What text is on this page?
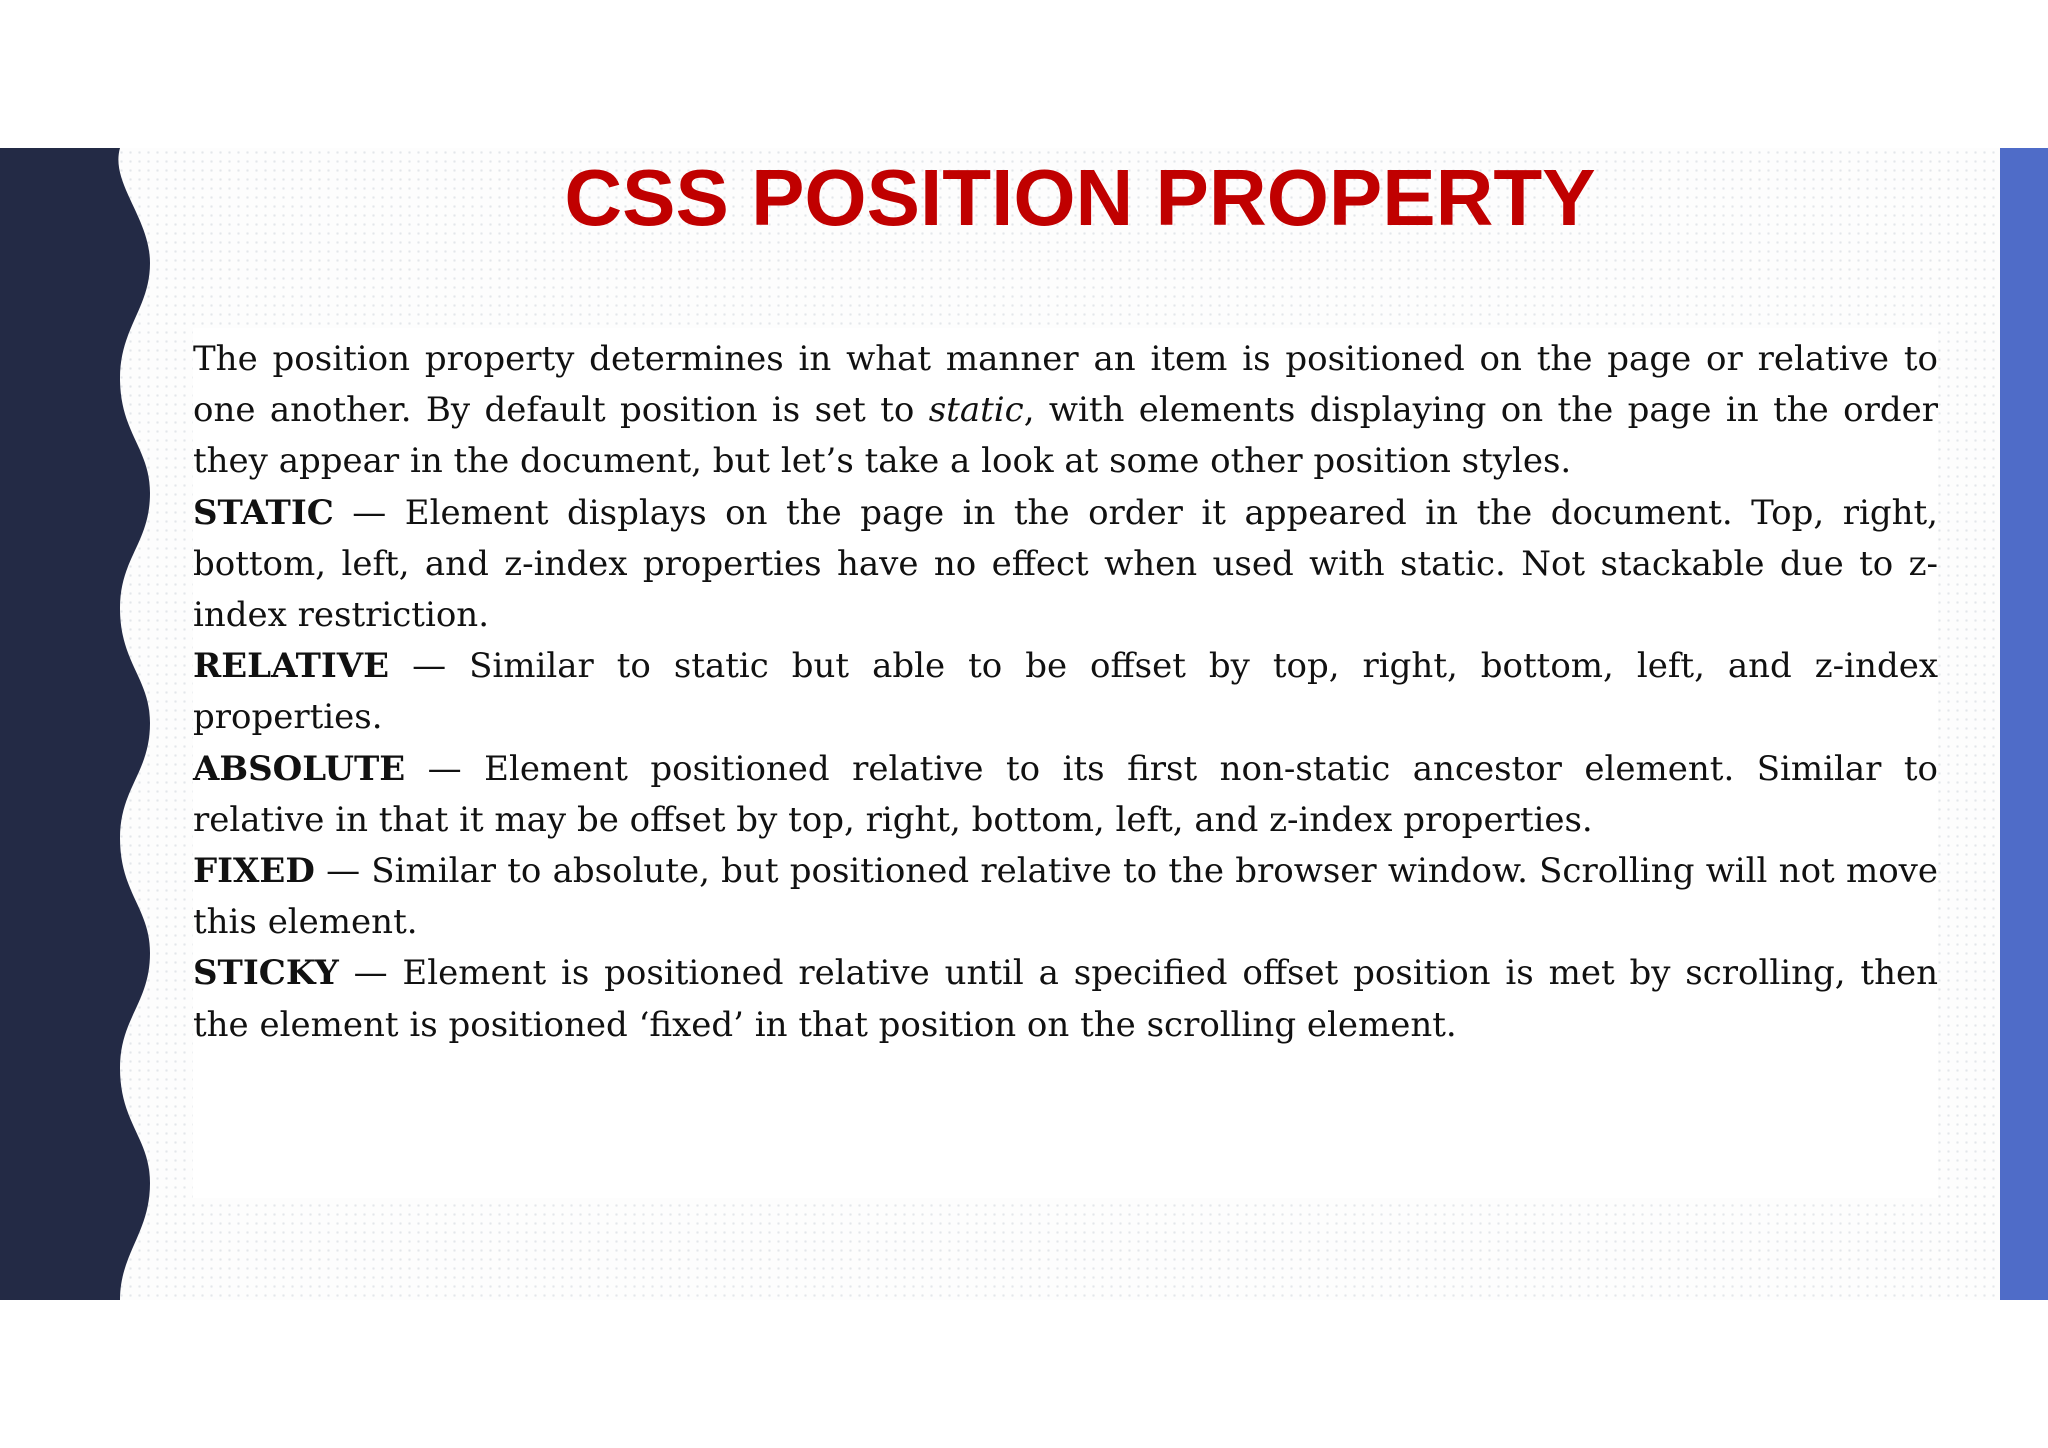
CSS POSITION PROPERTY

The position property determines in what manner an item is positioned on the page or relative to one another. By default position is set to static, with elements displaying on the page in the order they appear in the document, but let’s take a look at some other position styles.

STATIC — Element displays on the page in the order it appeared in the document. Top, right, bottom, left, and z-index properties have no effect when used with static. Not stackable due to z-index restriction.

RELATIVE — Similar to static but able to be offset by top, right, bottom, left, and z-index properties.

ABSOLUTE — Element positioned relative to its first non-static ancestor element. Similar to relative in that it may be offset by top, right, bottom, left, and z-index properties.

FIXED — Similar to absolute, but positioned relative to the browser window. Scrolling will not move this element.

STICKY — Element is positioned relative until a specified offset position is met by scrolling, then the element is positioned ‘fixed’ in that position on the scrolling element.
